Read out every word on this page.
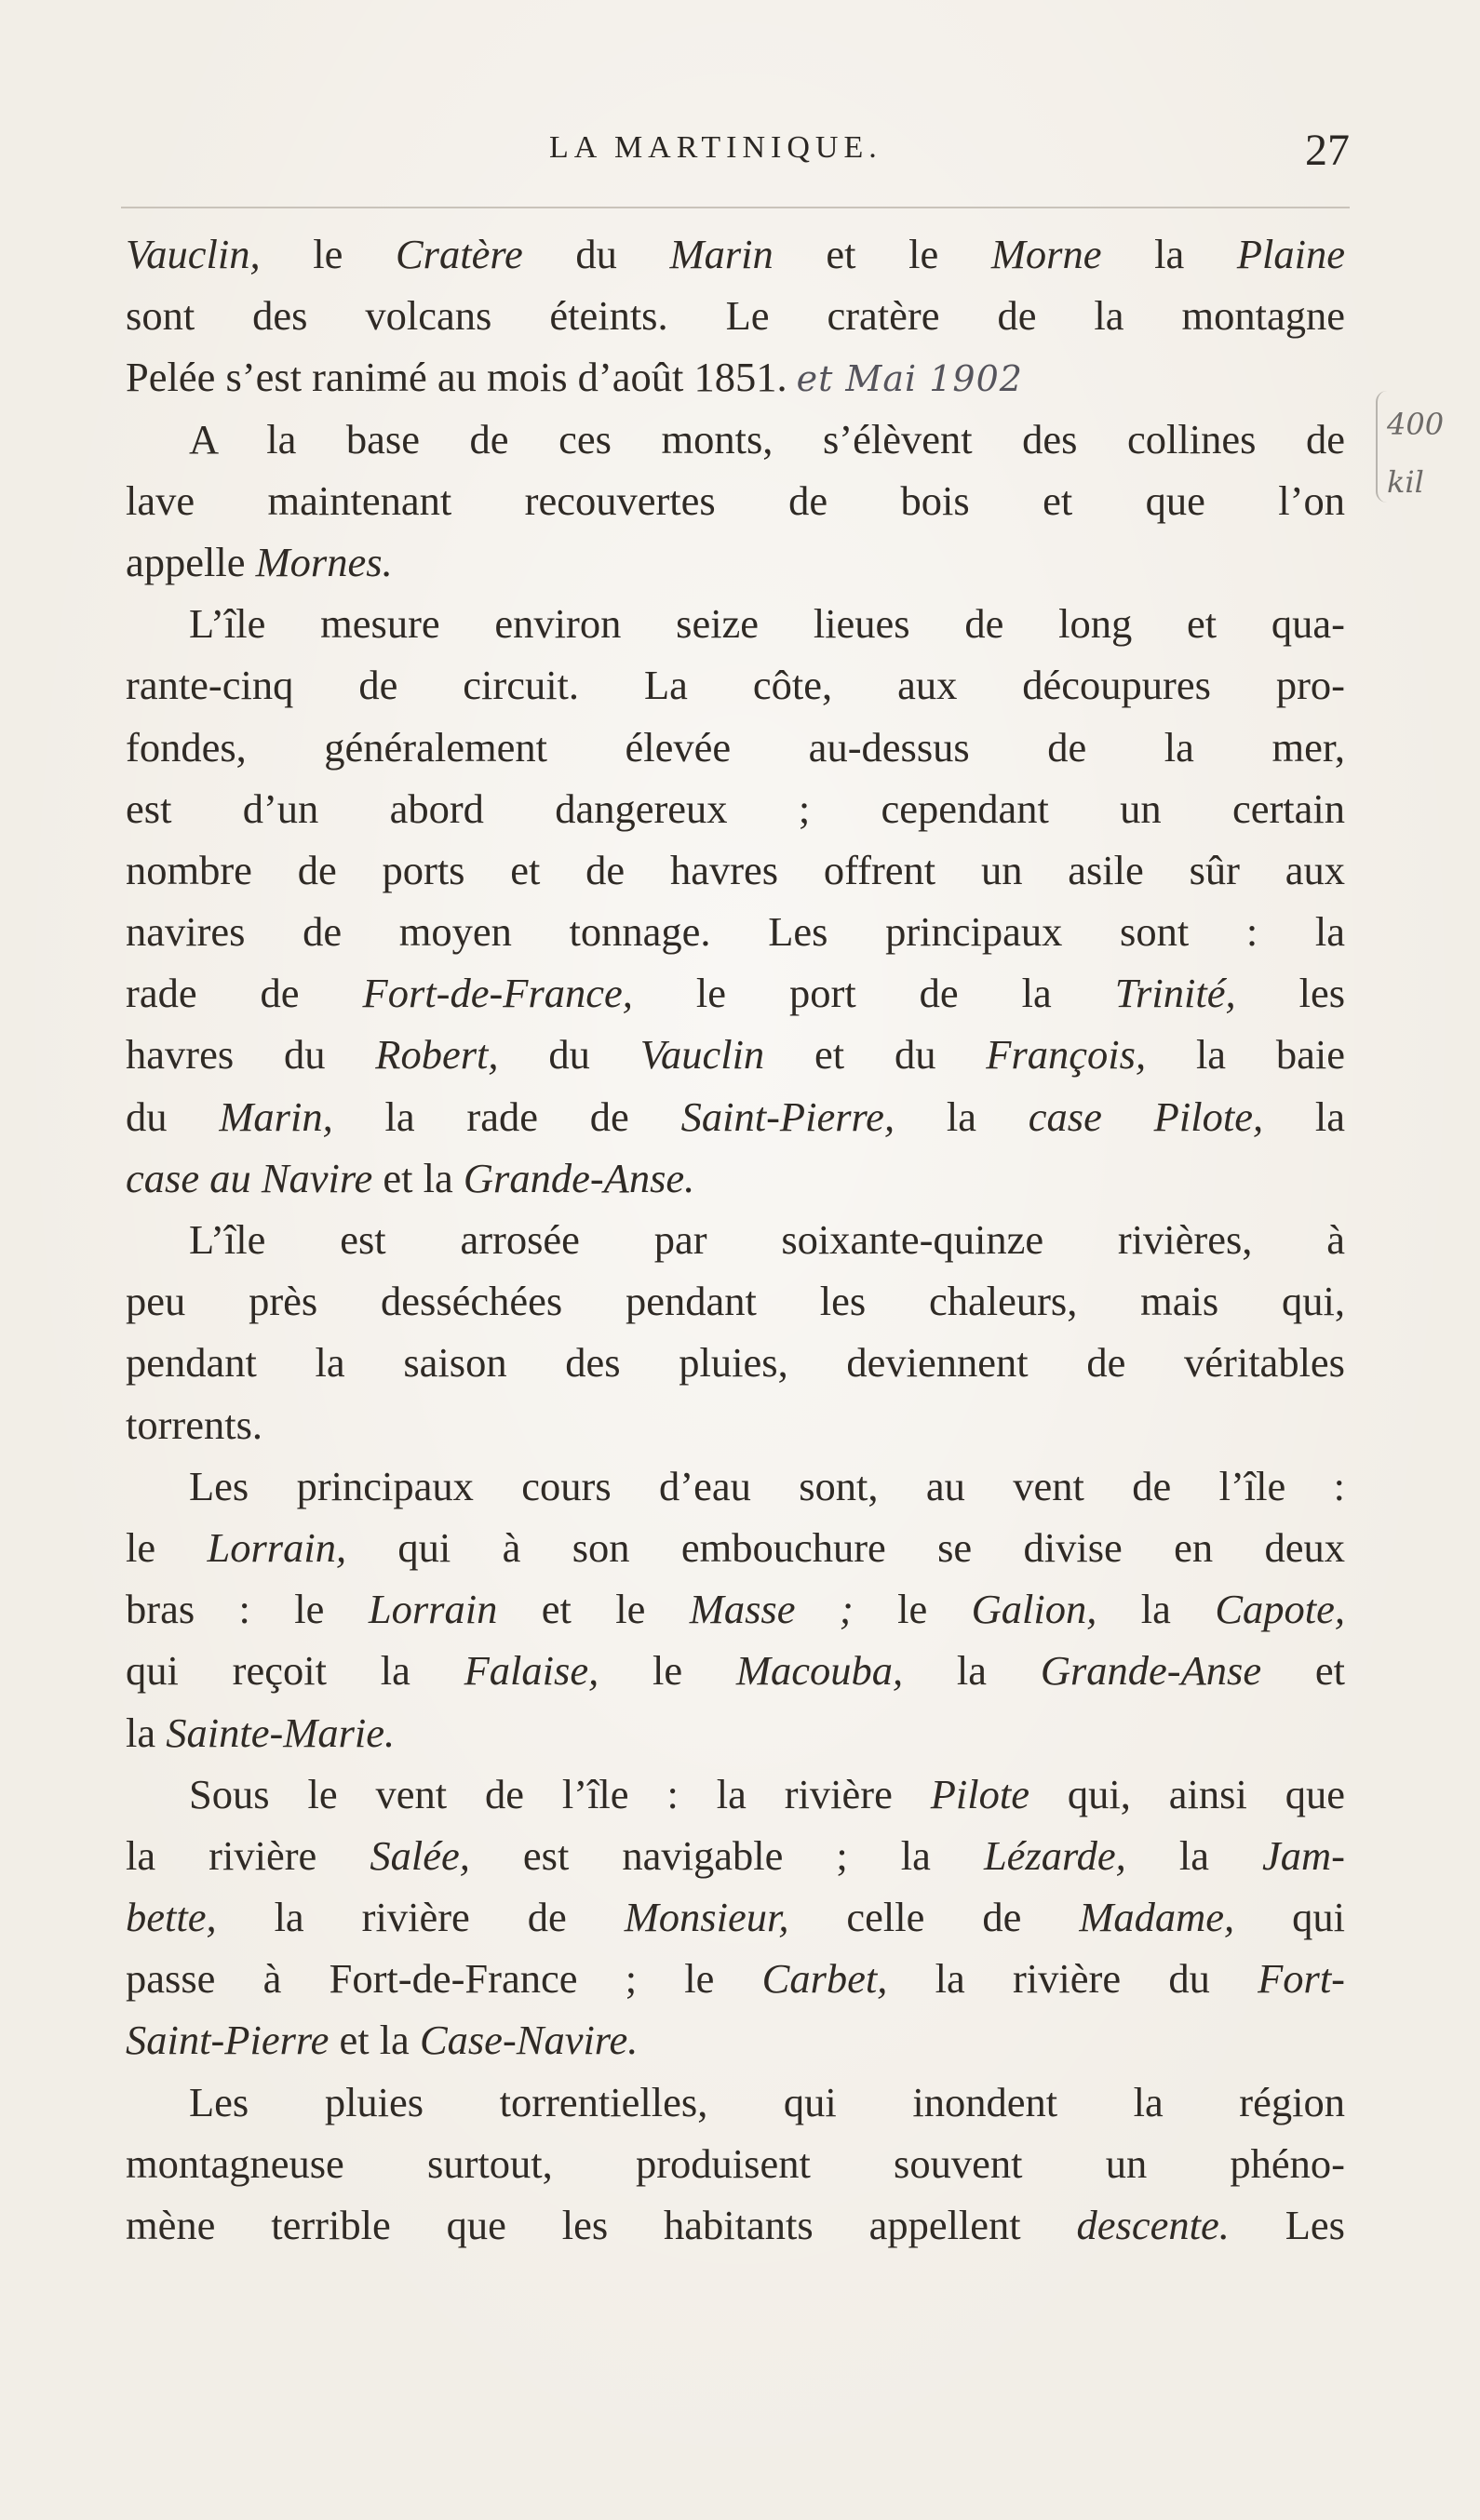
LA MARTINIQUE.	27
Vauclin, le Cratère du Marin et le Morne la Plaine
sont des volcans éteints. Le cratère de la montagne
Pelée s’est ranimé au mois d’août 1851. et Mai 1902
A la base de ces monts, s’élèvent des collines de
lave maintenant recouvertes de bois et que l’on
appelle Mornes.
L’île mesure environ seize lieues de long et qua-
rante-cinq de circuit. La côte, aux découpures pro-
fondes, généralement élevée au-dessus de la mer,
est d’un abord dangereux ; cependant un certain
nombre de ports et de havres offrent un asile sûr aux
navires de moyen tonnage. Les principaux sont : la
rade de Fort-de-France, le port de la Trinité, les
havres du Robert, du Vauclin et du François, la baie
du Marin, la rade de Saint-Pierre, la case Pilote, la
case au Navire et la Grande-Anse.
L’île est arrosée par soixante-quinze rivières, à
peu près desséchées pendant les chaleurs, mais qui,
pendant la saison des pluies, deviennent de véritables
torrents.
Les principaux cours d’eau sont, au vent de l’île :
le Lorrain, qui à son embouchure se divise en deux
bras : le Lorrain et le Masse ; le Galion, la Capote,
qui reçoit la Falaise, le Macouba, la Grande-Anse et
la Sainte-Marie.
Sous le vent de l’île : la rivière Pilote qui, ainsi que
la rivière Salée, est navigable ; la Lézarde, la Jam-
bette, la rivière de Monsieur, celle de Madame, qui
passe à Fort-de-France ; le Carbet, la rivière du Fort-
Saint-Pierre et la Case-Navire.
Les pluies torrentielles, qui inondent la région
montagneuse surtout, produisent souvent un phéno-
mène terrible que les habitants appellent descente. Les
400
kil
